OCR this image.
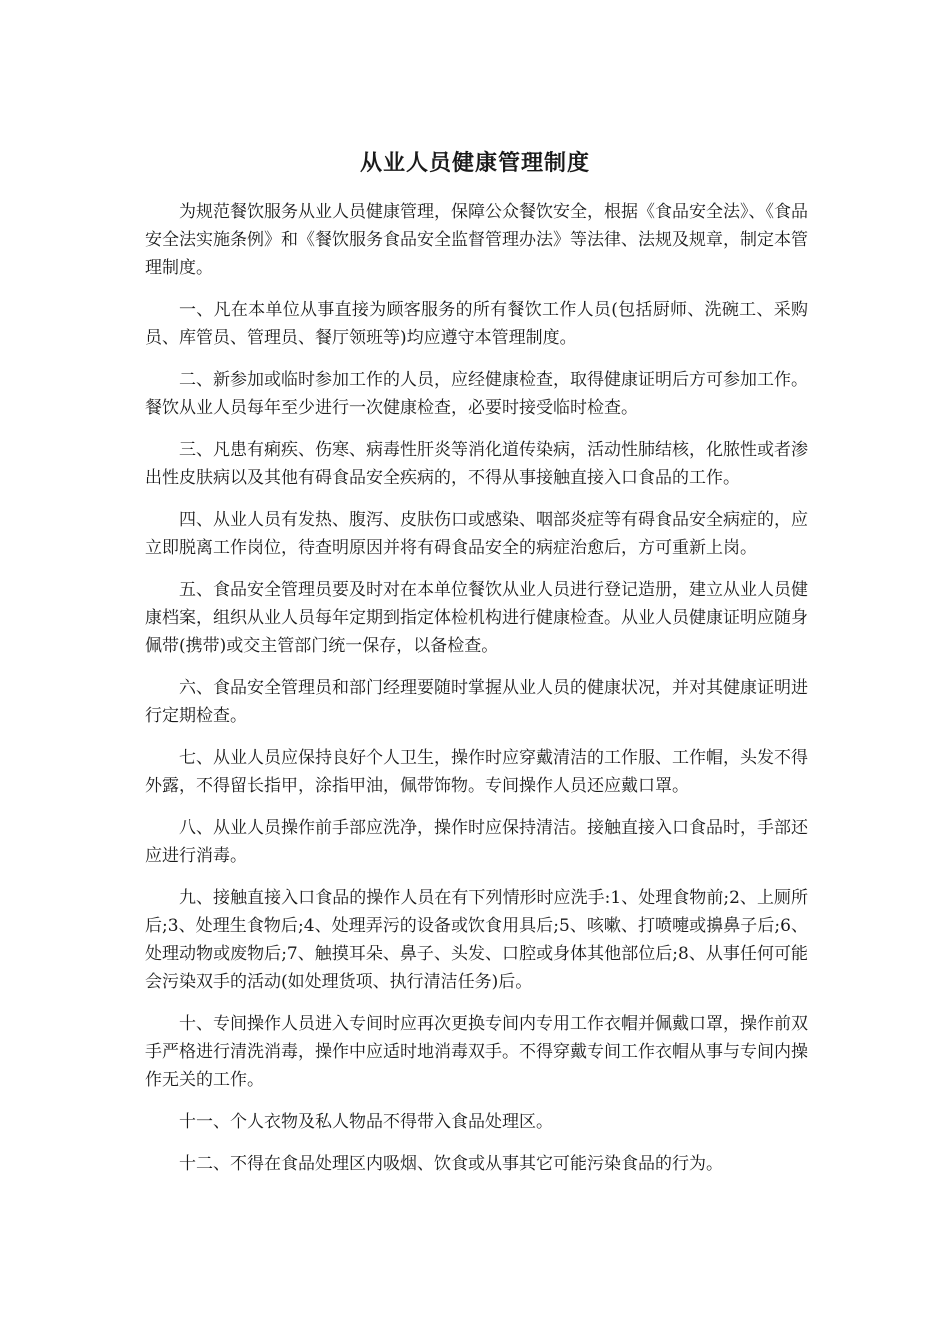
从业人员健康管理制度

为规范餐饮服务从业人员健康管理，保障公众餐饮安全，根据《食品安全法》、《食品安全法实施条例》和《餐饮服务食品安全监督管理办法》等法律、法规及规章，制定本管理制度。

一、凡在本单位从事直接为顾客服务的所有餐饮工作人员(包括厨师、洗碗工、采购员、库管员、管理员、餐厅领班等)均应遵守本管理制度。

二、新参加或临时参加工作的人员，应经健康检查，取得健康证明后方可参加工作。餐饮从业人员每年至少进行一次健康检查，必要时接受临时检查。

三、凡患有痢疾、伤寒、病毒性肝炎等消化道传染病，活动性肺结核，化脓性或者渗出性皮肤病以及其他有碍食品安全疾病的，不得从事接触直接入口食品的工作。

四、从业人员有发热、腹泻、皮肤伤口或感染、咽部炎症等有碍食品安全病症的，应立即脱离工作岗位，待查明原因并将有碍食品安全的病症治愈后，方可重新上岗。

五、食品安全管理员要及时对在本单位餐饮从业人员进行登记造册，建立从业人员健康档案，组织从业人员每年定期到指定体检机构进行健康检查。从业人员健康证明应随身佩带(携带)或交主管部门统一保存，以备检查。

六、食品安全管理员和部门经理要随时掌握从业人员的健康状况，并对其健康证明进行定期检查。

七、从业人员应保持良好个人卫生，操作时应穿戴清洁的工作服、工作帽，头发不得外露，不得留长指甲，涂指甲油，佩带饰物。专间操作人员还应戴口罩。

八、从业人员操作前手部应洗净，操作时应保持清洁。接触直接入口食品时，手部还应进行消毒。

九、接触直接入口食品的操作人员在有下列情形时应洗手:1、处理食物前;2、上厕所后;3、处理生食物后;4、处理弄污的设备或饮食用具后;5、咳嗽、打喷嚏或擤鼻子后;6、处理动物或废物后;7、触摸耳朵、鼻子、头发、口腔或身体其他部位后;8、从事任何可能会污染双手的活动(如处理货项、执行清洁任务)后。

十、专间操作人员进入专间时应再次更换专间内专用工作衣帽并佩戴口罩，操作前双手严格进行清洗消毒，操作中应适时地消毒双手。不得穿戴专间工作衣帽从事与专间内操作无关的工作。

十一、个人衣物及私人物品不得带入食品处理区。

十二、不得在食品处理区内吸烟、饮食或从事其它可能污染食品的行为。
